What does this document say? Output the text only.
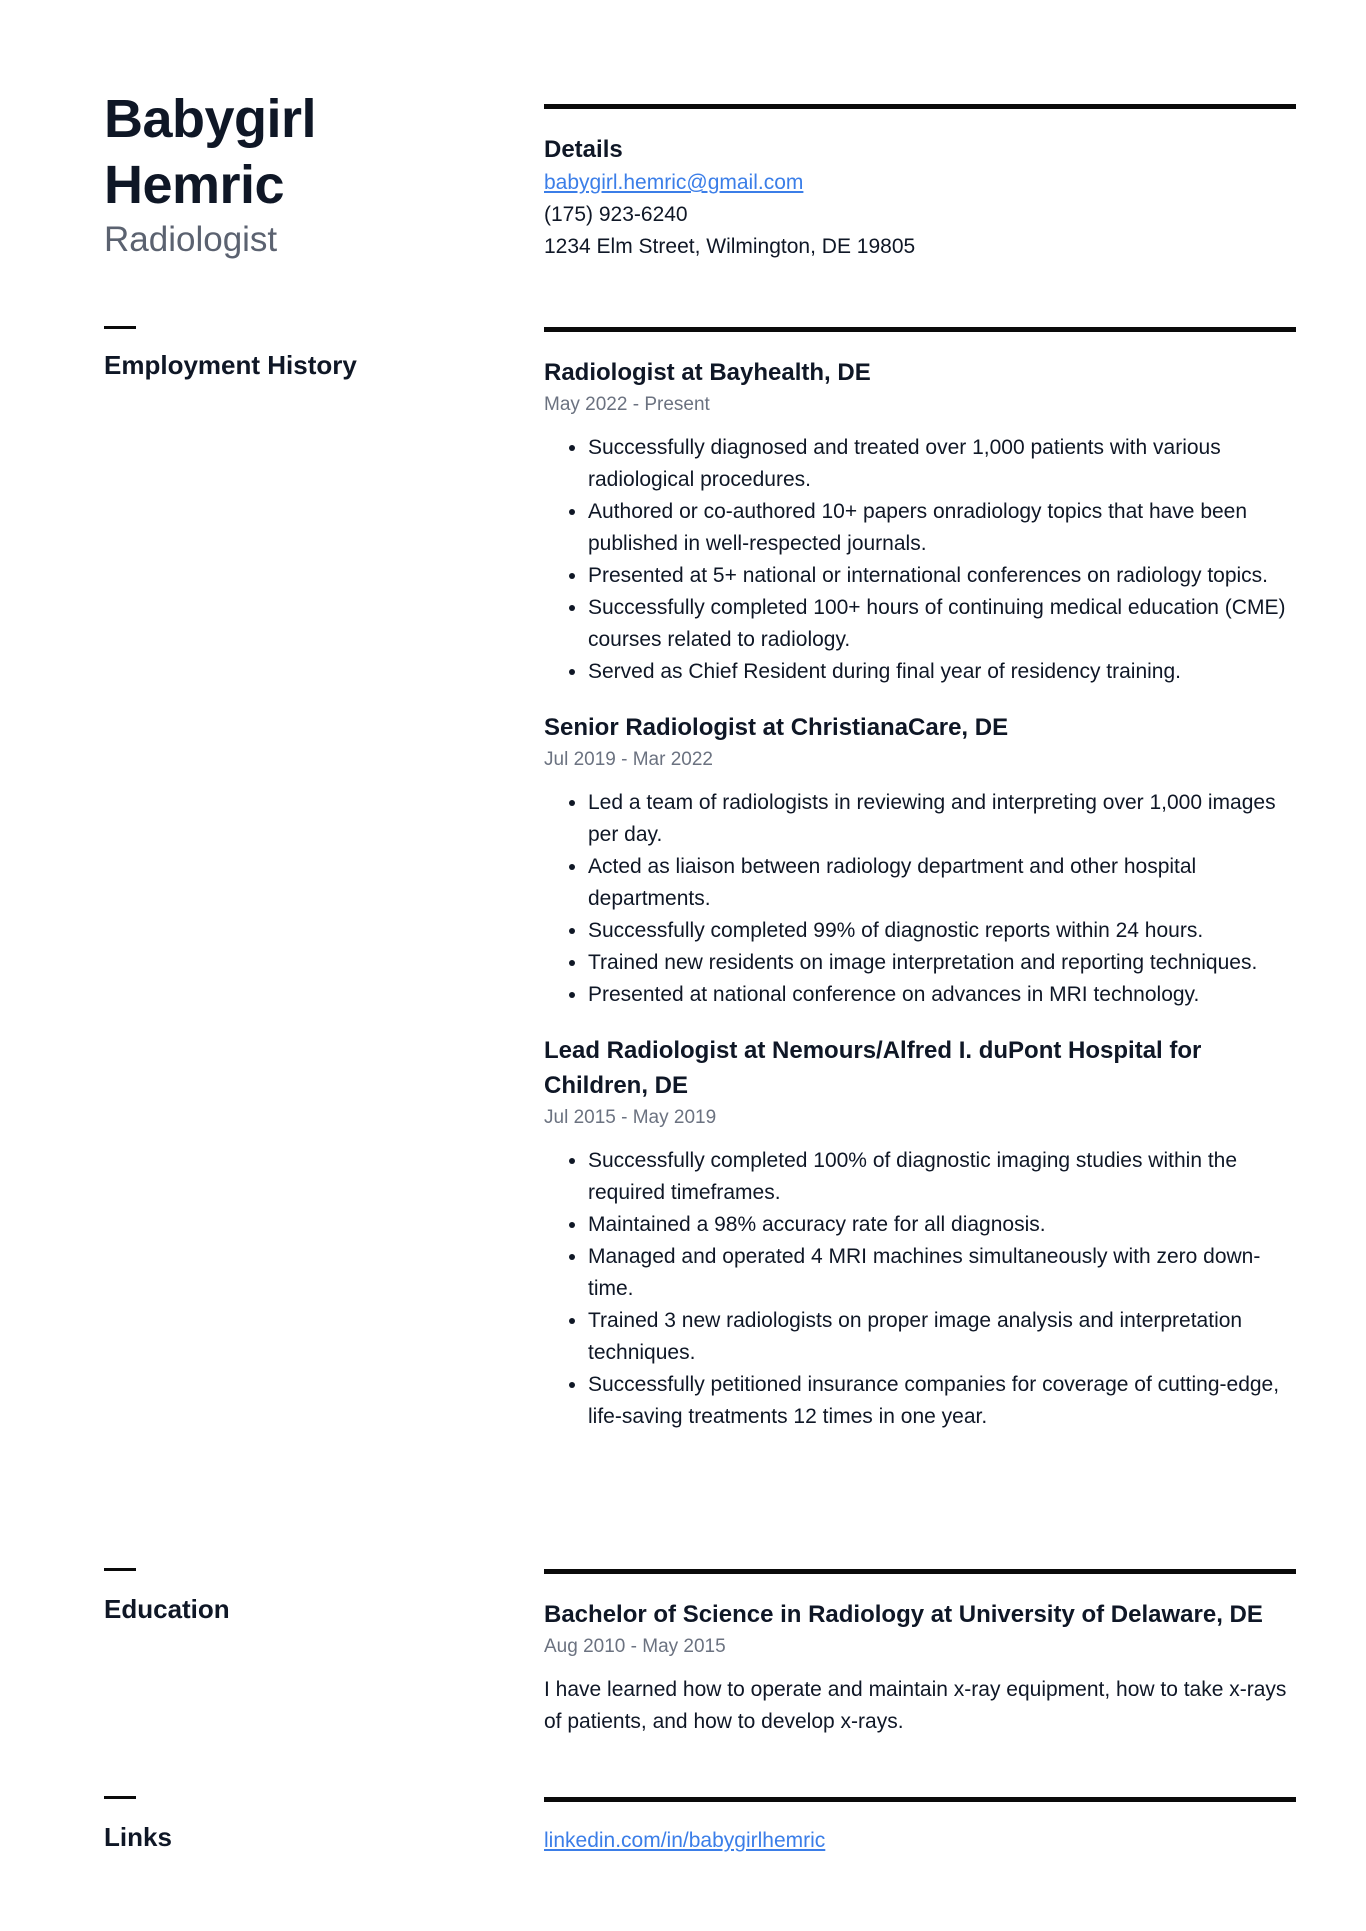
Babygirl
Hemric
Radiologist
Details
babygirl.hemric@gmail.com
(175) 923-6240
1234 Elm Street, Wilmington, DE 19805
Employment History	Radiologist at Bayhealth, DE
May 2022 - Present
• Successfully diagnosed and treated over 1,000 patients with various radiological procedures.
• Authored or co-authored 10+ papers onradiology topics that have been published in well-respected journals.
• Presented at 5+ national or international conferences on radiology topics.
• Successfully completed 100+ hours of continuing medical education (CME) courses related to radiology.
• Served as Chief Resident during final year of residency training.
Senior Radiologist at ChristianaCare, DE
Jul 2019 - Mar 2022
• Led a team of radiologists in reviewing and interpreting over 1,000 images per day.
• Acted as liaison between radiology department and other hospital departments.
• Successfully completed 99% of diagnostic reports within 24 hours.
• Trained new residents on image interpretation and reporting techniques.
• Presented at national conference on advances in MRI technology.
Lead Radiologist at Nemours/Alfred I. duPont Hospital for Children, DE
Jul 2015 - May 2019
• Successfully completed 100% of diagnostic imaging studies within the required timeframes.
• Maintained a 98% accuracy rate for all diagnosis.
• Managed and operated 4 MRI machines simultaneously with zero down-time.
• Trained 3 new radiologists on proper image analysis and interpretation techniques.
• Successfully petitioned insurance companies for coverage of cutting-edge, life-saving treatments 12 times in one year.
Education	Bachelor of Science in Radiology at University of Delaware, DE
Aug 2010 - May 2015
I have learned how to operate and maintain x-ray equipment, how to take x-rays of patients, and how to develop x-rays.
Links	linkedin.com/in/babygirlhemric
